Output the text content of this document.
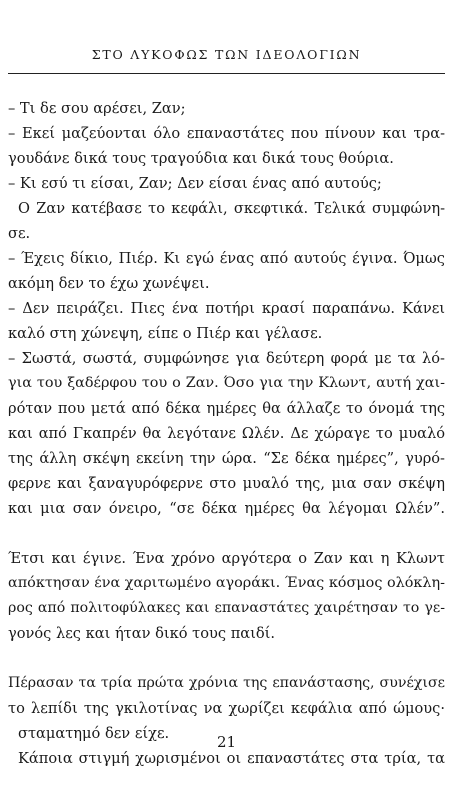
ΣΤΟ ΛΥΚΟΦΩΣ ΤΩΝ ΙΔΕΟΛΟΓΙΩΝ
– Τι δε σου αρέσει, Ζαν;
– Εκεί μαζεύονται όλο επαναστάτες που πίνουν και τρα-
γουδάνε δικά τους τραγούδια και δικά τους θούρια.
– Κι εσύ τι είσαι, Ζαν; Δεν είσαι ένας από αυτούς;
Ο Ζαν κατέβασε το κεφάλι, σκεφτικά. Τελικά συμφώνη-
σε.
– Έχεις δίκιο, Πιέρ. Κι εγώ ένας από αυτούς έγινα. Όμως
ακόμη δεν το έχω χωνέψει.
– Δεν πειράζει. Πιες ένα ποτήρι κρασί παραπάνω. Κάνει
καλό στη χώνεψη, είπε ο Πιέρ και γέλασε.
– Σωστά, σωστά, συμφώνησε για δεύτερη φορά με τα λό-
για του ξαδέρφου του ο Ζαν. Όσο για την Κλωντ, αυτή χαι-
ρόταν που μετά από δέκα ημέρες θα άλλαζε το όνομά της
και από Γκαπρέν θα λεγότανε Ωλέν. Δε χώραγε το μυαλό
της άλλη σκέψη εκείνη την ώρα. “Σε δέκα ημέρες”, γυρό-
φερνε και ξαναγυρόφερνε στο μυαλό της, μια σαν σκέψη
και μια σαν όνειρο, “σε δέκα ημέρες θα λέγομαι Ωλέν”.
Έτσι και έγινε. Ένα χρόνο αργότερα ο Ζαν και η Κλωντ
απόκτησαν ένα χαριτωμένο αγοράκι. Ένας κόσμος ολόκλη-
ρος από πολιτοφύλακες και επαναστάτες χαιρέτησαν το γε-
γονός λες και ήταν δικό τους παιδί.
Πέρασαν τα τρία πρώτα χρόνια της επανάστασης, συνέχισε
το λεπίδι της γκιλοτίνας να χωρίζει κεφάλια από ώμους·
σταματημό δεν είχε.
Κάποια στιγμή χωρισμένοι οι επαναστάτες στα τρία, τα
21
